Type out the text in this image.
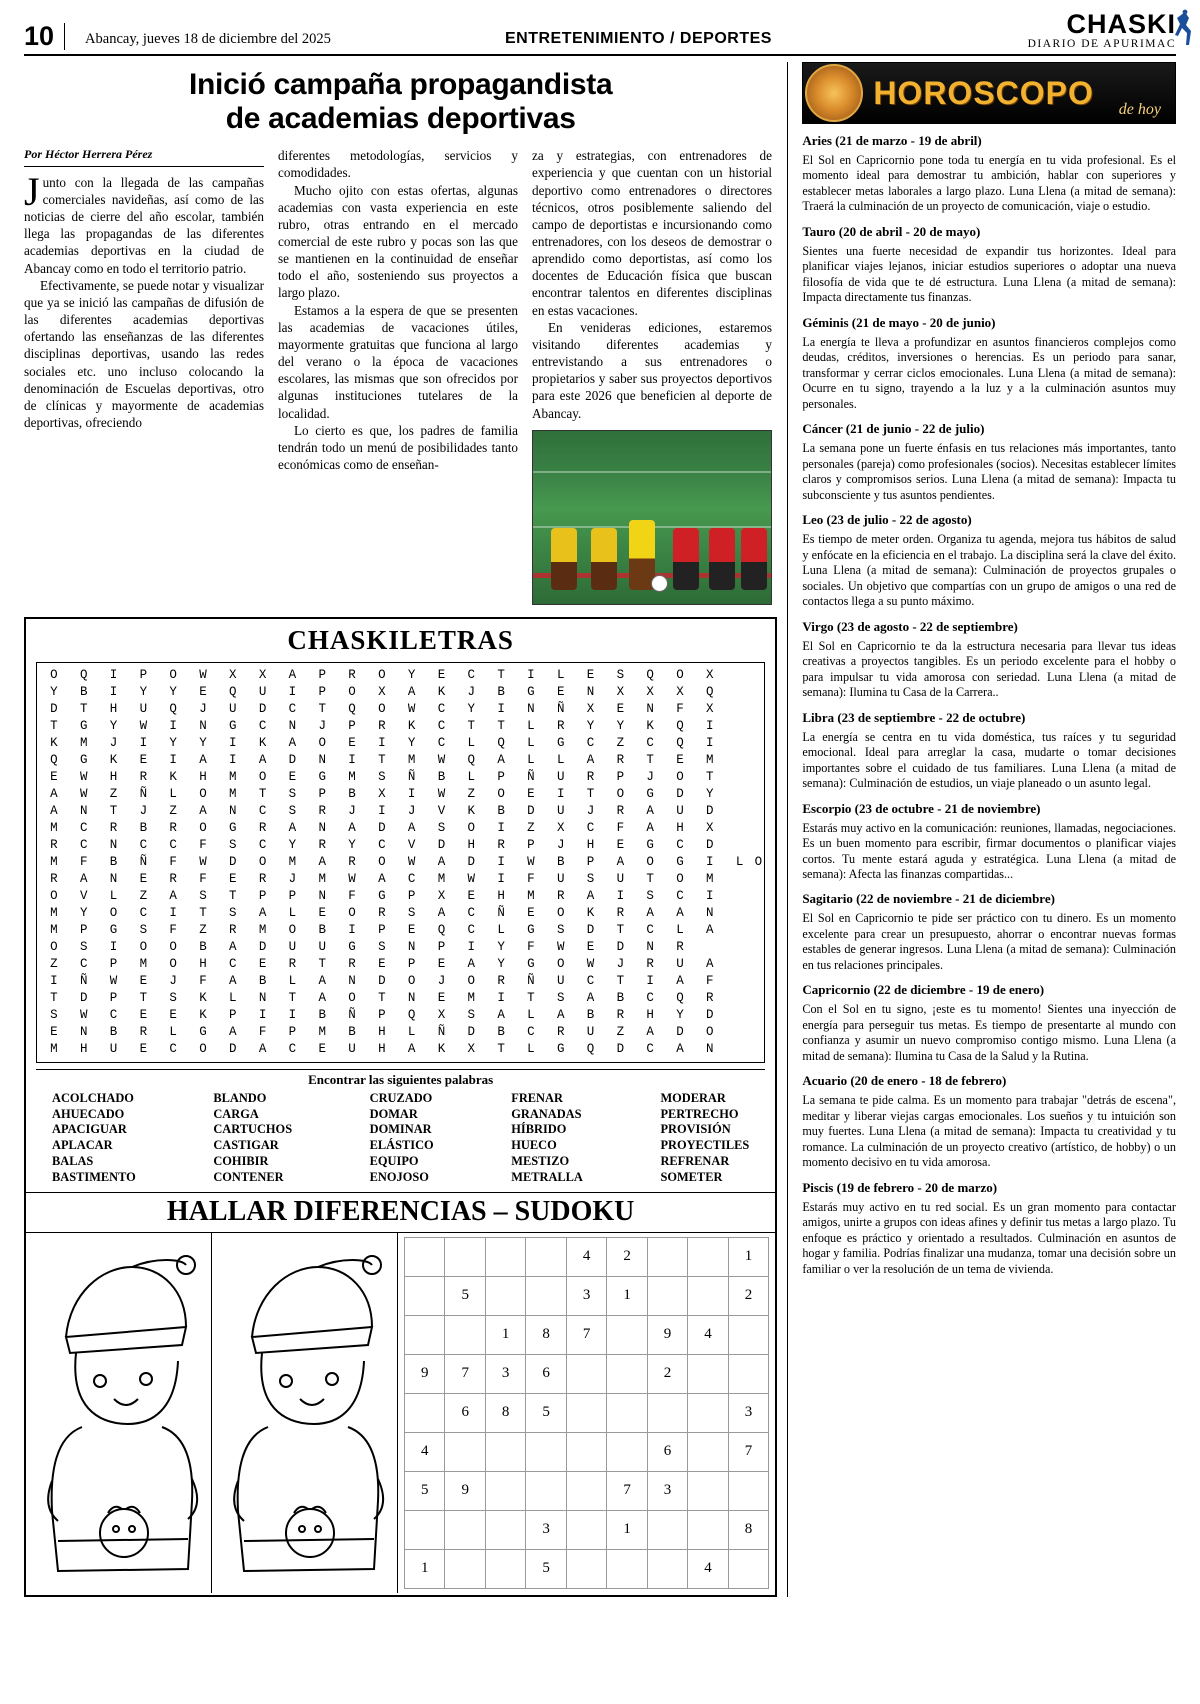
10	Abancay, jueves 18 de diciembre del 2025	ENTRETENIMIENTO / DEPORTES	CHASKI
DIARIO DE APURIMAC
Inició campaña propagandista
de academias deportivas
Por Héctor Herrera Pérez

Junto con la llegada de las campañas comerciales navideñas, así como de las noticias de cierre del año escolar, también llega las propagandas de las diferentes academias deportivas en la ciudad de Abancay como en todo el territorio patrio.

Efectivamente, se puede notar y visualizar que ya se inició las campañas de difusión de las diferentes academias deportivas ofertando las enseñanzas de las diferentes disciplinas deportivas, usando las redes sociales etc. uno incluso colocando la denominación de Escuelas deportivas, otro de clínicas y mayormente de academias deportivas, ofreciendo

diferentes metodologías, servicios y comodidades.

Mucho ojito con estas ofertas, algunas academias con vasta experiencia en este rubro, otras entrando en el mercado comercial de este rubro y pocas son las que se mantienen en la continuidad de enseñar todo el año, sosteniendo sus proyectos a largo plazo.

Estamos a la espera de que se presenten las academias de vacaciones útiles, mayormente gratuitas que funciona al largo del verano o la época de vacaciones escolares, las mismas que son ofrecidos por algunas instituciones tutelares de la localidad.

Lo cierto es que, los padres de familia tendrán todo un menú de posibilidades tanto económicas como de enseñan-

za y estrategias, con entrenadores de experiencia y que cuentan con un historial deportivo como entrenadores o directores técnicos, otros posiblemente saliendo del campo de deportistas e incursionando como entrenadores, con los deseos de demostrar o aprendido como deportistas, así como los docentes de Educación física que buscan encontrar talentos en diferentes disciplinas en estas vacaciones.

En venideras ediciones, estaremos visitando diferentes academias y entrevistando a sus entrenadores o propietarios y saber sus proyectos deportivos para este 2026 que beneficien al deporte de Abancay.

CHASKILETRAS
O	Q	I	P	O	W	X	X	A	P	R	O	Y	E	C	T	I	L	E	S	Q	O	X		
Y	B	I	Y	Y	E	Q	U	I	P	O	X	A	K	J	B	G	E	N	X	X	X	Q		
D	T	H	U	Q	J	U	D	C	T	Q	O	W	C	Y	I	N	Ñ	X	E	N	F	X		
T	G	Y	W	I	N	G	C	N	J	P	R	K	C	T	T	L	R	Y	Y	K	Q	I		
K	M	J	I	Y	Y	I	K	A	O	E	I	Y	C	L	Q	L	G	C	Z	C	Q	I		
Q	G	K	E	I	A	I	A	D	N	I	T	M	W	Q	A	L	L	A	R	T	E	M		
E	W	H	R	K	H	M	O	E	G	M	S	Ñ	B	L	P	Ñ	U	R	P	J	O	T		
A	W	Z	Ñ	L	O	M	T	S	P	B	X	I	W	Z	O	E	I	T	O	G	D	Y		
A	N	T	J	Z	A	N	C	S	R	J	I	J	V	K	B	D	U	J	R	A	U	D		
M	C	R	B	R	O	G	R	A	N	A	D	A	S	O	I	Z	X	C	F	A	H	X		
R	C	N	C	C	F	S	C	Y	R	Y	C	V	D	H	R	P	J	H	E	G	C	D		
M	F	B	Ñ	F	W	D	O	M	A	R	O	W	A	D	I	W	B	P	A	O	G	I	L	O
R	A	N	E	R	F	E	R	J	M	W	A	C	M	W	I	F	U	S	U	T	O	M		
O	V	L	Z	A	S	T	P	P	N	F	G	P	X	E	H	M	R	A	I	S	C	I		
M	Y	O	C	I	T	S	A	L	E	O	R	S	A	C	Ñ	E	O	K	R	A	A	N		
M	P	G	S	F	Z	R	M	O	B	I	P	E	Q	C	L	G	S	D	T	C	L	A		
O	S	I	O	O	B	A	D	U	U	G	S	N	P	I	Y	F	W	E	D	N	R			
Z	C	P	M	O	H	C	E	R	T	R	E	P	E	A	Y	G	O	W	J	R	U	A		
I	Ñ	W	E	J	F	A	B	L	A	N	D	O	J	O	R	Ñ	U	C	T	I	A	F		
T	D	P	T	S	K	L	N	T	A	O	T	N	E	M	I	T	S	A	B	C	Q	R		
S	W	C	E	E	K	P	I	I	B	Ñ	P	Q	X	S	A	L	A	B	R	H	Y	D		
E	N	B	R	L	G	A	F	P	M	B	H	L	Ñ	D	B	C	R	U	Z	A	D	O		
M	H	U	E	C	O	D	A	C	E	U	H	A	K	X	T	L	G	Q	D	C	A	N		
Encontrar las siguientes palabras
ACOLCHADO
AHUECADO
APACIGUAR
APLACAR
BALAS
BASTIMENTO
BLANDO
CARGA
CARTUCHOS
CASTIGAR
COHIBIR
CONTENER
CRUZADO
DOMAR
DOMINAR
ELÁSTICO
EQUIPO
ENOJOSO
FRENAR
GRANADAS
HÍBRIDO
HUECO
MESTIZO
METRALLA
MODERAR
PERTRECHO
PROVISIÓN
PROYECTILES
REFRENAR
SOMETER
HALLAR DIFERENCIAS – SUDOKU
				4	2			1
	5			3	1			2
		1	8	7		9	4	
9	7	3	6			2		
	6	8	5					3
4						6		7
5	9				7	3		
			3		1			8
1			5				4	
HOROSCOPO de hoy
Aries (21 de marzo - 19 de abril)

El Sol en Capricornio pone toda tu energía en tu vida profesional. Es el momento ideal para demostrar tu ambición, hablar con superiores y establecer metas laborales a largo plazo. Luna Llena (a mitad de semana): Traerá la culminación de un proyecto de comunicación, viaje o estudio.

Tauro (20 de abril - 20 de mayo)

Sientes una fuerte necesidad de expandir tus horizontes. Ideal para planificar viajes lejanos, iniciar estudios superiores o adoptar una nueva filosofía de vida que te dé estructura. Luna Llena (a mitad de semana): Impacta directamente tus finanzas.

Géminis (21 de mayo - 20 de junio)

La energía te lleva a profundizar en asuntos financieros complejos como deudas, créditos, inversiones o herencias. Es un periodo para sanar, transformar y cerrar ciclos emocionales. Luna Llena (a mitad de semana): Ocurre en tu signo, trayendo a la luz y a la culminación asuntos muy personales.

Cáncer (21 de junio - 22 de julio)

La semana pone un fuerte énfasis en tus relaciones más importantes, tanto personales (pareja) como profesionales (socios). Necesitas establecer límites claros y compromisos serios. Luna Llena (a mitad de semana): Impacta tu subconsciente y tus asuntos pendientes.

Leo (23 de julio - 22 de agosto)

Es tiempo de meter orden. Organiza tu agenda, mejora tus hábitos de salud y enfócate en la eficiencia en el trabajo. La disciplina será la clave del éxito. Luna Llena (a mitad de semana): Culminación de proyectos grupales o sociales. Un objetivo que compartías con un grupo de amigos o una red de contactos llega a su punto máximo.

Virgo (23 de agosto - 22 de septiembre)

El Sol en Capricornio te da la estructura necesaria para llevar tus ideas creativas a proyectos tangibles. Es un periodo excelente para el hobby o para impulsar tu vida amorosa con seriedad. Luna Llena (a mitad de semana): Ilumina tu Casa de la Carrera..

Libra (23 de septiembre - 22 de octubre)

La energía se centra en tu vida doméstica, tus raíces y tu seguridad emocional. Ideal para arreglar la casa, mudarte o tomar decisiones importantes sobre el cuidado de tus familiares. Luna Llena (a mitad de semana): Culminación de estudios, un viaje planeado o un asunto legal.

Escorpio (23 de octubre - 21 de noviembre)

Estarás muy activo en la comunicación: reuniones, llamadas, negociaciones. Es un buen momento para escribir, firmar documentos o planificar viajes cortos. Tu mente estará aguda y estratégica. Luna Llena (a mitad de semana): Afecta las finanzas compartidas...

Sagitario (22 de noviembre - 21 de diciembre)

El Sol en Capricornio te pide ser práctico con tu dinero. Es un momento excelente para crear un presupuesto, ahorrar o encontrar nuevas formas estables de generar ingresos. Luna Llena (a mitad de semana): Culminación en tus relaciones principales.

Capricornio (22 de diciembre - 19 de enero)

Con el Sol en tu signo, ¡este es tu momento! Sientes una inyección de energía para perseguir tus metas. Es tiempo de presentarte al mundo con confianza y asumir un nuevo compromiso contigo mismo. Luna Llena (a mitad de semana): Ilumina tu Casa de la Salud y la Rutina.

Acuario (20 de enero - 18 de febrero)

La semana te pide calma. Es un momento para trabajar "detrás de escena", meditar y liberar viejas cargas emocionales. Los sueños y tu intuición son muy fuertes. Luna Llena (a mitad de semana): Impacta tu creatividad y tu romance. La culminación de un proyecto creativo (artístico, de hobby) o un momento decisivo en tu vida amorosa.

Piscis (19 de febrero - 20 de marzo)

Estarás muy activo en tu red social. Es un gran momento para contactar amigos, unirte a grupos con ideas afines y definir tus metas a largo plazo. Tu enfoque es práctico y orientado a resultados. Culminación en asuntos de hogar y familia. Podrías finalizar una mudanza, tomar una decisión sobre un familiar o ver la resolución de un tema de vivienda.
